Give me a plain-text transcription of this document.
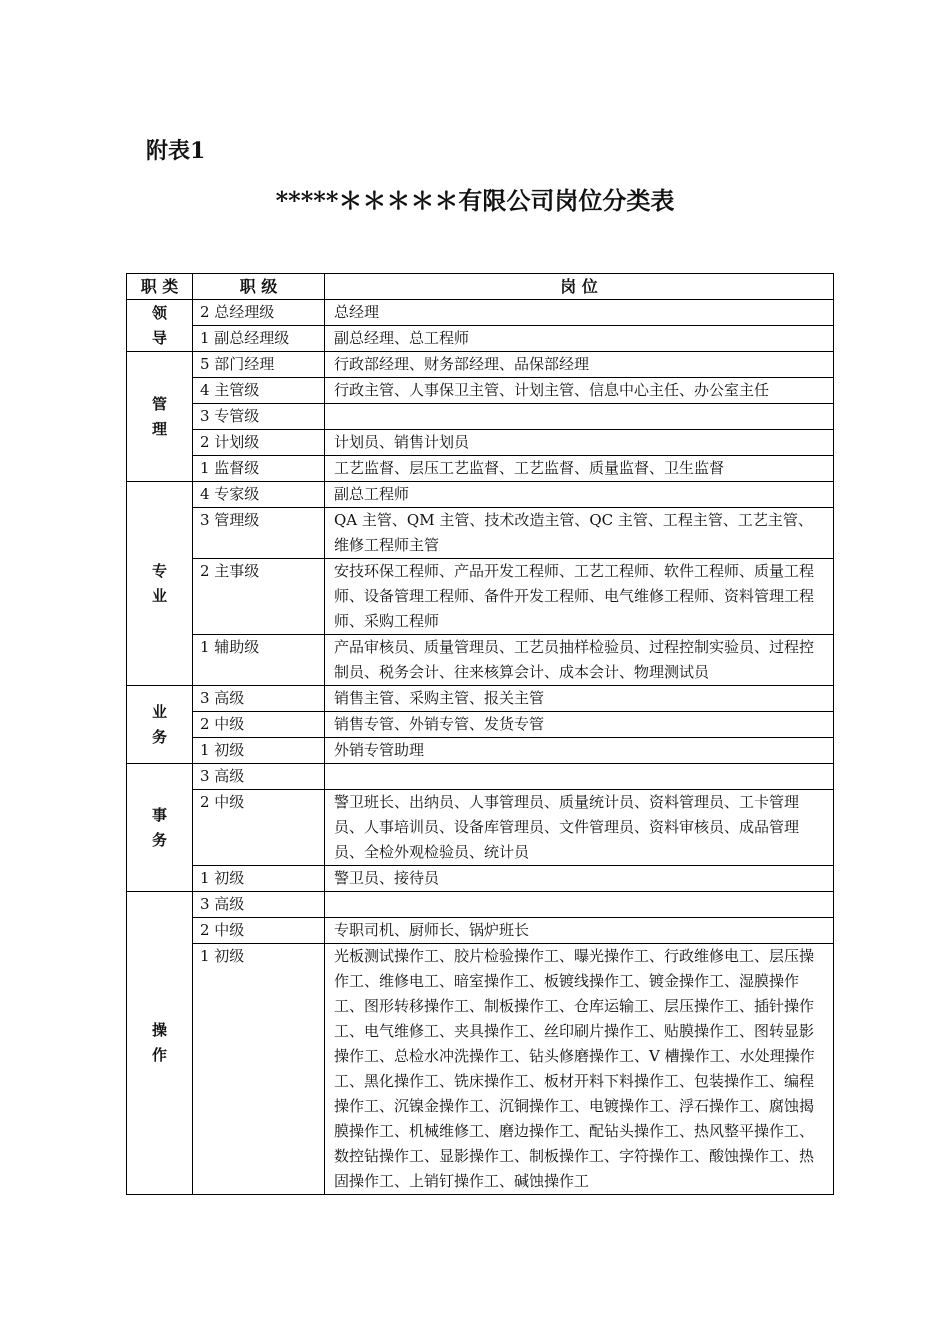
附表1
*****＊＊＊＊＊有限公司岗位分类表
职 类	职 级	岗 位

领导	2 总经理级	总经理
	1 副总经理级	副总经理、总工程师

管理	5 部门经理	行政部经理、财务部经理、品保部经理
	4 主管级	行政主管、人事保卫主管、计划主管、信息中心主任、办公室主任
	3 专管级	
	2 计划级	计划员、销售计划员
	1 监督级	工艺监督、层压工艺监督、工艺监督、质量监督、卫生监督

专业	4 专家级	副总工程师
	3 管理级	QA 主管、QM 主管、技术改造主管、QC 主管、工程主管、工艺主管、维修工程师主管
	2 主事级	安技环保工程师、产品开发工程师、工艺工程师、软件工程师、质量工程师、设备管理工程师、备件开发工程师、电气维修工程师、资料管理工程师、采购工程师
	1 辅助级	产品审核员、质量管理员、工艺员抽样检验员、过程控制实验员、过程控制员、税务会计、往来核算会计、成本会计、物理测试员

业务	3 高级	销售主管、采购主管、报关主管
	2 中级	销售专管、外销专管、发货专管
	1 初级	外销专管助理

事务	3 高级	
	2 中级	警卫班长、出纳员、人事管理员、质量统计员、资料管理员、工卡管理员、人事培训员、设备库管理员、文件管理员、资料审核员、成品管理员、全检外观检验员、统计员
	1 初级	警卫员、接待员

操作	3 高级	
	2 中级	专职司机、厨师长、锅炉班长
	1 初级	光板测试操作工、胶片检验操作工、曝光操作工、行政维修电工、层压操作工、维修电工、暗室操作工、板镀线操作工、镀金操作工、湿膜操作工、图形转移操作工、制板操作工、仓库运输工、层压操作工、插针操作工、电气维修工、夹具操作工、丝印刷片操作工、贴膜操作工、图转显影操作工、总检水冲洗操作工、钻头修磨操作工、V 槽操作工、水处理操作工、黑化操作工、铣床操作工、板材开料下料操作工、包装操作工、编程操作工、沉镍金操作工、沉铜操作工、电镀操作工、浮石操作工、腐蚀揭膜操作工、机械维修工、磨边操作工、配钻头操作工、热风整平操作工、数控钻操作工、显影操作工、制板操作工、字符操作工、酸蚀操作工、热固操作工、上销钉操作工、碱蚀操作工
